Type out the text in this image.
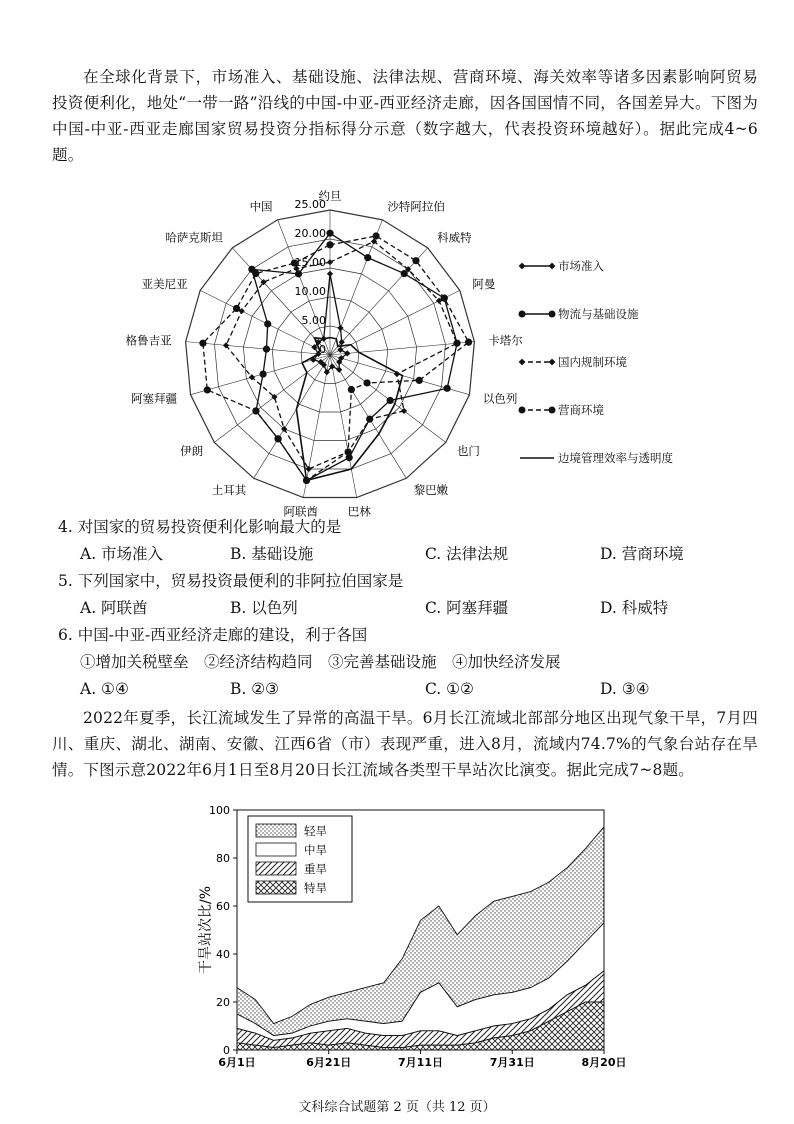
在全球化背景下，市场准入、基础设施、法律法规、营商环境、海关效率等诸多因素影响阿贸易投资便利化，地处“一带一路”沿线的中国-中亚-西亚经济走廊，因各国国情不同，各国差异大。下图为中国-中亚-西亚走廊国家贸易投资分指标得分示意（数字越大，代表投资环境越好）。据此完成4~6题。
25.00
20.00
15.00
10.00
5.00
0
约旦
沙特阿拉伯
科威特
阿曼
卡塔尔
以色列
也门
黎巴嫩
巴林
阿联酋
土耳其
伊朗
阿塞拜疆
格鲁吉亚
亚美尼亚
哈萨克斯坦
中国
市场准入
物流与基础设施
国内规制环境
营商环境
边境管理效率与透明度
4. 对国家的贸易投资便利化影响最大的是
A. 市场准入	B. 基础设施	C. 法律法规	D. 营商环境
5. 下列国家中，贸易投资最便利的非阿拉伯国家是
A. 阿联酋	B. 以色列	C. 阿塞拜疆	D. 科威特
6. 中国-中亚-西亚经济走廊的建设，利于各国
①增加关税壁垒　②经济结构趋同　③完善基础设施　④加快经济发展
A. ①④	B. ②③	C. ①②	D. ③④
2022年夏季，长江流域发生了异常的高温干旱。6月长江流域北部部分地区出现气象干旱，7月四川、重庆、湖北、湖南、安徽、江西6省（市）表现严重，进入8月，流域内74.7%的气象台站存在旱情。下图示意2022年6月1日至8月20日长江流域各类型干旱站次比演变。据此完成7~8题。
0
20
40
60
80
100
6月1日	6月21日	7月11日	7月31日	8月20日
干旱站次比/%
轻旱
中旱
重旱
特旱
文科综合试题第 2 页（共 12 页）
